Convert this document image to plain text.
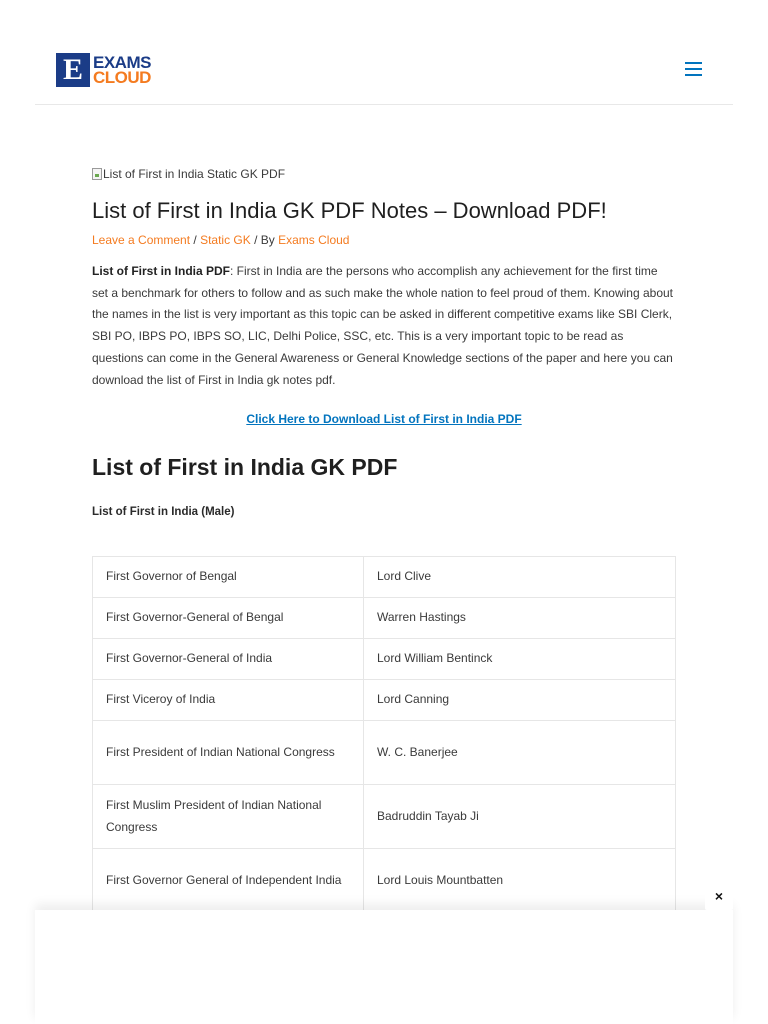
E EXAMS
CLOUD
List of First in India Static GK PDF
List of First in India GK PDF Notes – Download PDF!
Leave a Comment / Static GK / By Exams Cloud

List of First in India PDF: First in India are the persons who accomplish any achievement for the first time set a benchmark for others to follow and as such make the whole nation to feel proud of them. Knowing about the names in the list is very important as this topic can be asked in different competitive exams like SBI Clerk, SBI PO, IBPS PO, IBPS SO, LIC, Delhi Police, SSC, etc. This is a very important topic to be read as questions can come in the General Awareness or General Knowledge sections of the paper and here you can download the list of First in India gk notes pdf.

Click Here to Download List of First in India PDF
List of First in India GK PDF

List of First in India (Male)

First Governor of Bengal	Lord Clive
First Governor-General of Bengal	Warren Hastings
First Governor-General of India	Lord William Bentinck
First Viceroy of India	Lord Canning
First President of Indian National Congress	W. C. Banerjee
First Muslim President of Indian National Congress	Badruddin Tayab Ji
First Governor General of Independent India	Lord Louis Mountbatten
×
